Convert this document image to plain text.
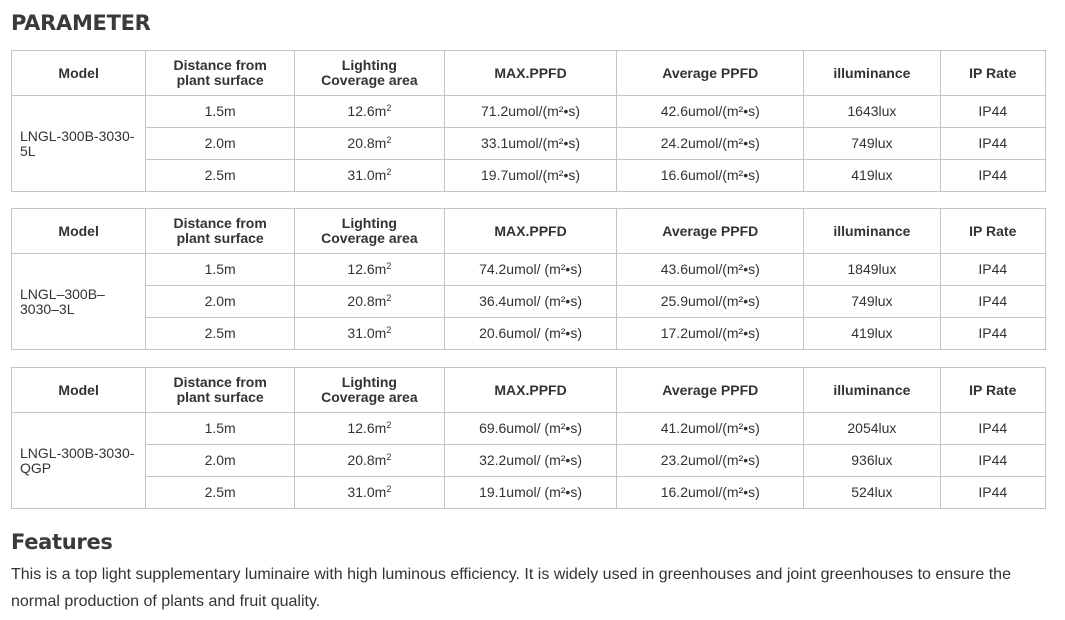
PARAMETER
Model	Distance from plant surface	Lighting Coverage area	MAX.PPFD	Average PPFD	illuminance	IP Rate
LNGL-300B-3030-5L	1.5m	$12.6m^2$	71.2umol/(m²•s)	42.6umol/(m²•s)	1643lux	IP44
	2.0m	$20.8m^2$	33.1umol/(m²•s)	24.2umol/(m²•s)	749lux	IP44
	2.5m	$31.0m^2$	19.7umol/(m²•s)	16.6umol/(m²•s)	419lux	IP44
Model	Distance from plant surface	Lighting Coverage area	MAX.PPFD	Average PPFD	illuminance	IP Rate
LNGL–300B–3030–3L	1.5m	$12.6m^2$	74.2umol/ (m²•s)	43.6umol/(m²•s)	1849lux	IP44
	2.0m	$20.8m^2$	36.4umol/ (m²•s)	25.9umol/(m²•s)	749lux	IP44
	2.5m	$31.0m^2$	20.6umol/ (m²•s)	17.2umol/(m²•s)	419lux	IP44
Model	Distance from plant surface	Lighting Coverage area	MAX.PPFD	Average PPFD	illuminance	IP Rate
LNGL-300B-3030-QGP	1.5m	$12.6m^2$	69.6umol/ (m²•s)	41.2umol/(m²•s)	2054lux	IP44
	2.0m	$20.8m^2$	32.2umol/ (m²•s)	23.2umol/(m²•s)	936lux	IP44
	2.5m	$31.0m^2$	19.1umol/ (m²•s)	16.2umol/(m²•s)	524lux	IP44
Features

This is a top light supplementary luminaire with high luminous efficiency. It is widely used in greenhouses and joint greenhouses to ensure the normal production of plants and fruit quality.
